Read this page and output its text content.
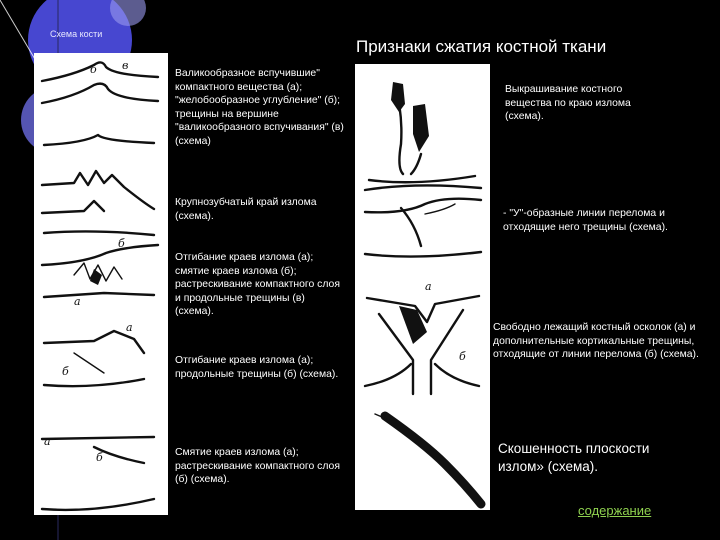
Схема кости
Признаки сжатия костной ткани
б в
б
а
а
б
а
б
Валикообразное вспучившие" компактного вещества (а); "желобообразное углубление" (б); трещины на вершине "валикообразного вспучивания" (в) (схема)
Крупнозубчатый край излома (схема).
Отгибание краев излома (а); смятие краев излома (б); растрескивание компактного слоя и продольные трещины (в) (схема).
Отгибание краев излома (а); продольные трещины (б) (схема).
Смятие краев излома (а); растрескивание компактного слоя (б) (схема).
а
б
Выкрашивание костного вещества по краю излома (схема).
- "У"-образные линии перелома и отходящие него трещины (схема).
Свободно лежащий костный осколок (а) и дополнительные кортикальные трещины, отходящие от линии перелома (б) (схема).
Скошенность плоскости излом» (схема).
содержание
